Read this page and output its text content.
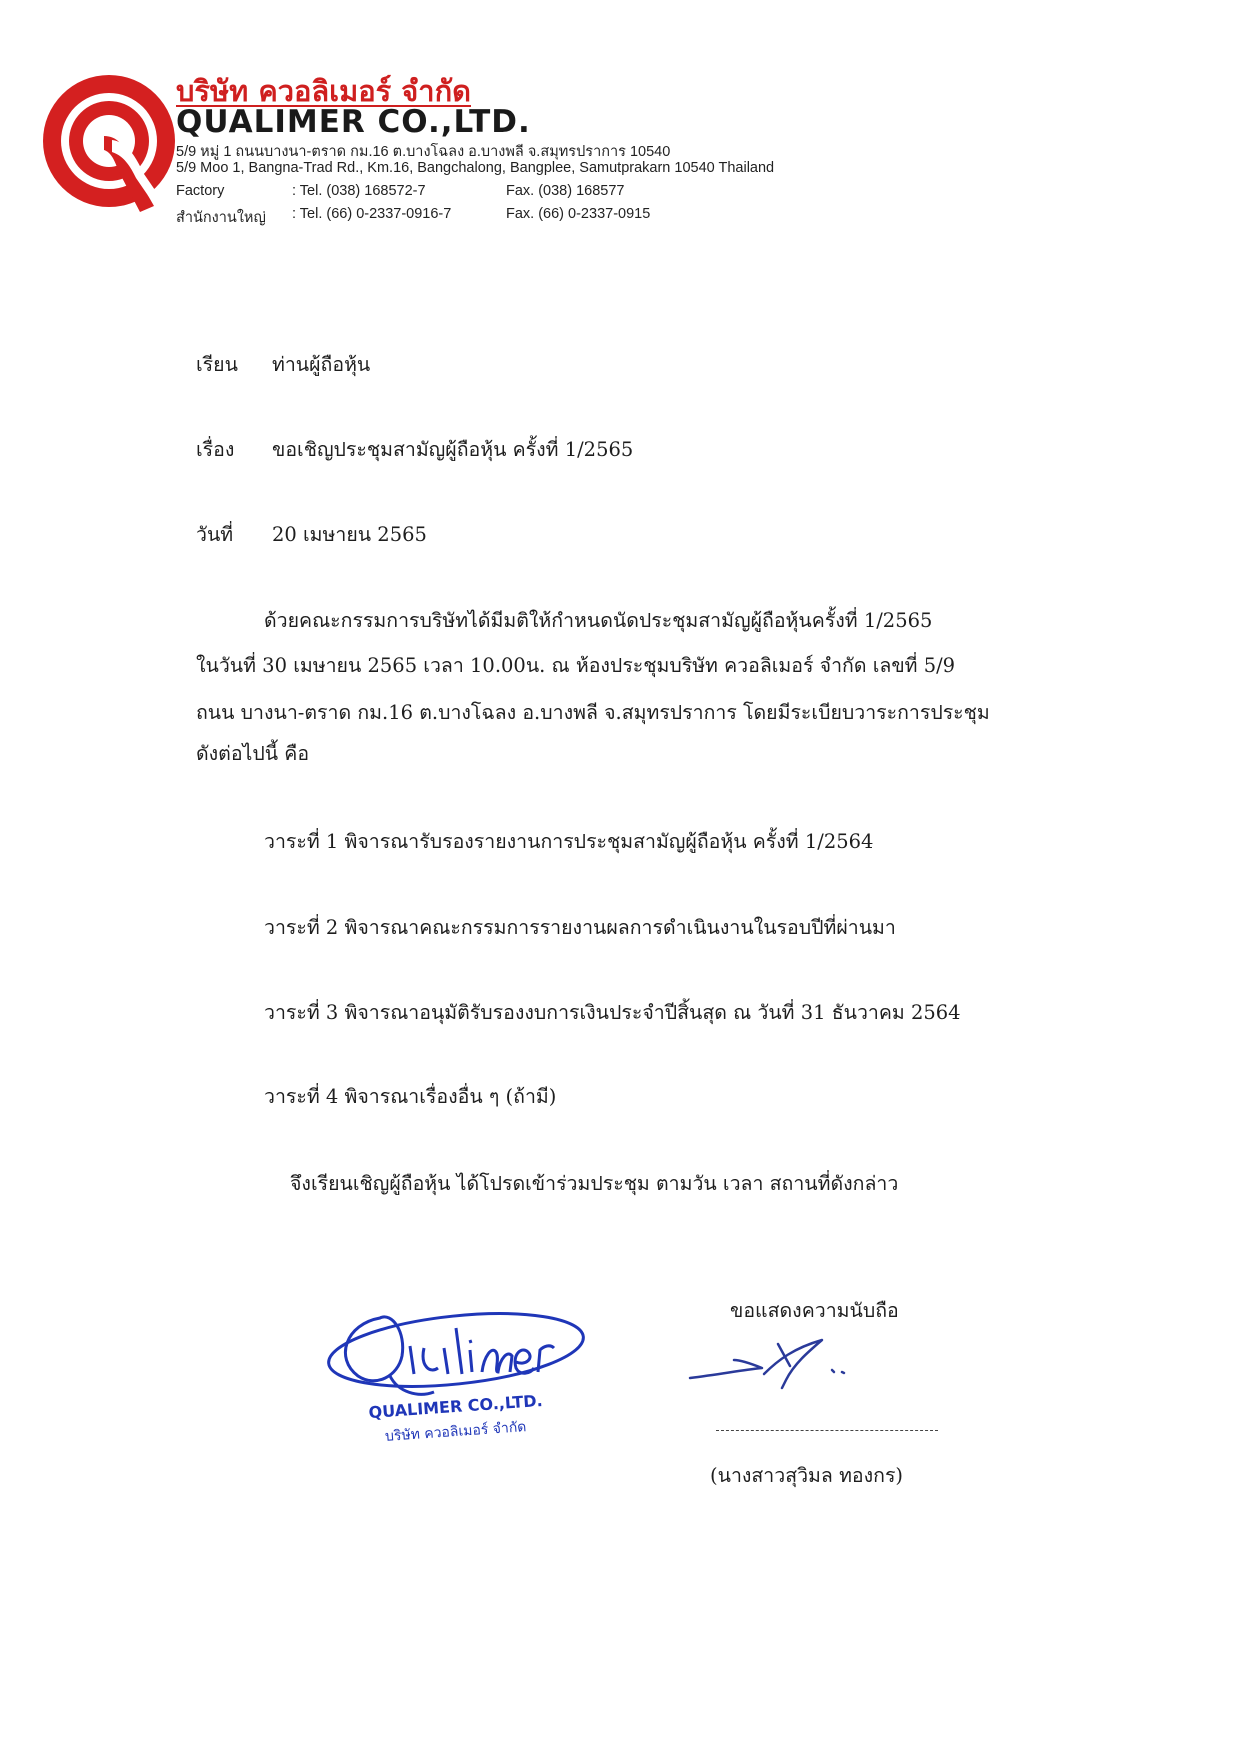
บริษัท ควอลิเมอร์ จำกัด
QUALIMER CO.,LTD.
5/9 หมู่ 1 ถนนบางนา-ตราด กม.16 ต.บางโฉลง อ.บางพลี จ.สมุทรปราการ 10540
5/9 Moo 1, Bangna-Trad Rd., Km.16, Bangchalong, Bangplee, Samutprakarn 10540 Thailand
Factory	: Tel. (038) 168572-7	Fax. (038) 168577
สำนักงานใหญ่ : Tel. (66) 0-2337-0916-7	Fax. (66) 0-2337-0915
เรียน ท่านผู้ถือหุ้น
เรื่อง ขอเชิญประชุมสามัญผู้ถือหุ้น ครั้งที่ 1/2565
วันที่ 20 เมษายน 2565
ด้วยคณะกรรมการบริษัทได้มีมติให้กำหนดนัดประชุมสามัญผู้ถือหุ้นครั้งที่ 1/2565
ในวันที่ 30 เมษายน 2565 เวลา 10.00น. ณ ห้องประชุมบริษัท ควอลิเมอร์ จำกัด เลขที่ 5/9
ถนน บางนา-ตราด กม.16 ต.บางโฉลง อ.บางพลี จ.สมุทรปราการ โดยมีระเบียบวาระการประชุม
ดังต่อไปนี้ คือ
วาระที่ 1 พิจารณารับรองรายงานการประชุมสามัญผู้ถือหุ้น ครั้งที่ 1/2564
วาระที่ 2 พิจารณาคณะกรรมการรายงานผลการดำเนินงานในรอบปีที่ผ่านมา
วาระที่ 3 พิจารณาอนุมัติรับรองงบการเงินประจำปีสิ้นสุด ณ วันที่ 31 ธันวาคม 2564
วาระที่ 4 พิจารณาเรื่องอื่น ๆ (ถ้ามี)
จึงเรียนเชิญผู้ถือหุ้น ได้โปรดเข้าร่วมประชุม ตามวัน เวลา สถานที่ดังกล่าว
QUALIMER CO.,LTD.
บริษัท ควอลิเมอร์ จำกัด
ขอแสดงความนับถือ
(นางสาวสุวิมล ทองกร)
